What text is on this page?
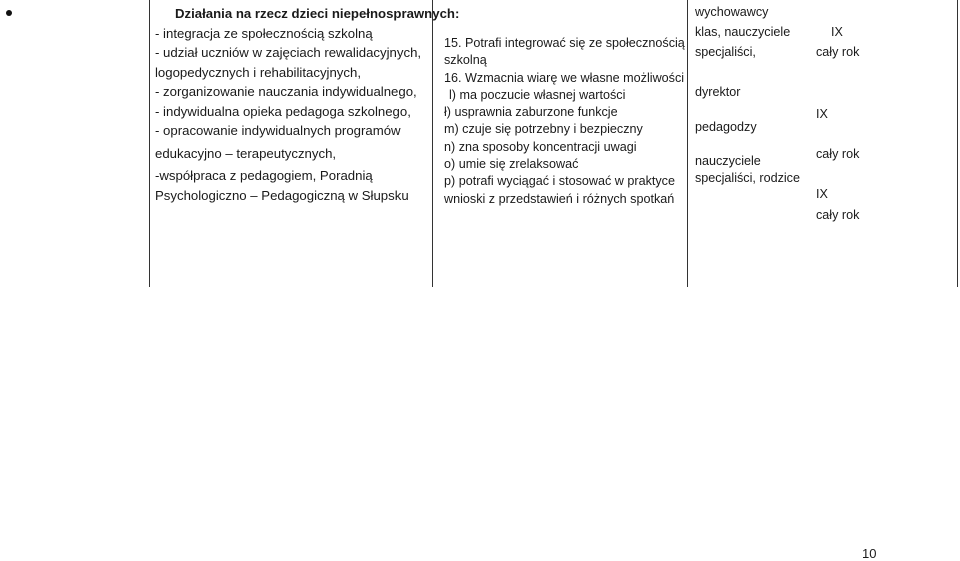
Działania na rzecz dzieci niepełnosprawnych:
- integracja ze społecznością szkolną
- udział uczniów w zajęciach rewalidacyjnych,
logopedycznych i rehabilitacyjnych,
- zorganizowanie nauczania indywidualnego,
- indywidualna opieka pedagoga szkolnego,
- opracowanie indywidualnych programów
edukacyjno – terapeutycznych,
-współpraca z pedagogiem, Poradnią
Psychologiczno – Pedagogiczną w Słupsku
15. Potrafi integrować się ze społecznością
szkolną
16. Wzmacnia wiarę we własne możliwości
l) ma poczucie własnej wartości
ł) usprawnia zaburzone funkcje
m) czuje się potrzebny i bezpieczny
n) zna sposoby koncentracji uwagi
o) umie się zrelaksować
p) potrafi wyciągać i stosować w praktyce
wnioski z przedstawień i różnych spotkań
wychowawcy
klas, nauczyciele
specjaliści,
dyrektor
pedagodzy
nauczyciele
specjaliści, rodzice
IX
cały rok
IX
cały rok
IX
cały rok
10
